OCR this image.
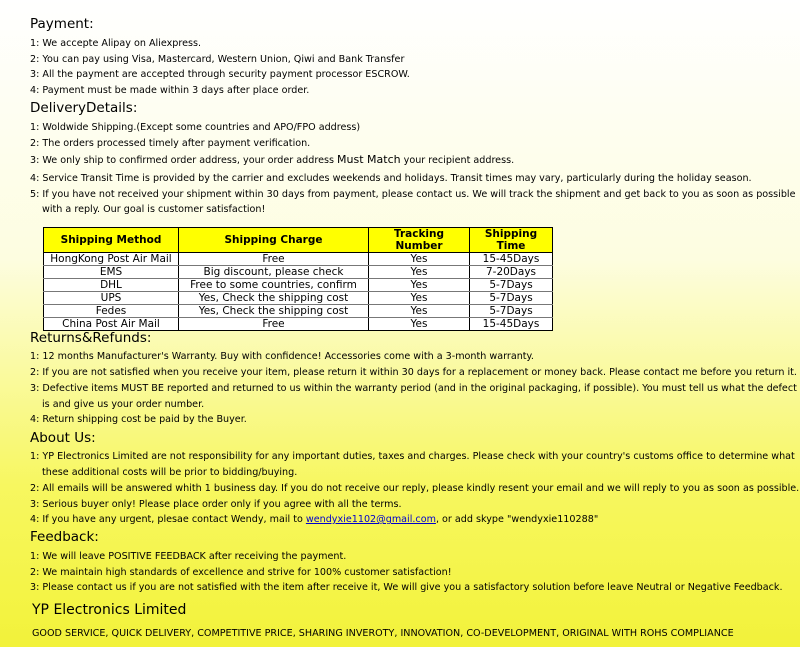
Payment:
1: We accepte Alipay on Aliexpress.
2: You can pay using Visa, Mastercard, Western Union, Qiwi and Bank Transfer
3: All the payment are accepted through security payment processor ESCROW.
4: Payment must be made within 3 days after place order.
DeliveryDetails:
1: Woldwide Shipping.(Except some countries and APO/FPO address)
2: The orders processed timely after payment verification.
3: We only ship to confirmed order address, your order address Must Match your recipient address.
4: Service Transit Time is provided by the carrier and excludes weekends and holidays. Transit times may vary, particularly during the holiday season.
5: If you have not received your shipment within 30 days from payment, please contact us. We will track the shipment and get back to you as soon as possible
with a reply. Our goal is customer satisfaction!
Shipping Method	Shipping Charge	Tracking Number	Shipping Time
HongKong Post Air Mail	Free	Yes	15-45Days
EMS	Big discount, please check	Yes	7-20Days
DHL	Free to some countries, confirm	Yes	5-7Days
UPS	Yes, Check the shipping cost	Yes	5-7Days
Fedes	Yes, Check the shipping cost	Yes	5-7Days
China Post Air Mail	Free	Yes	15-45Days
Returns&Refunds:
1: 12 months Manufacturer's Warranty. Buy with confidence! Accessories come with a 3-month warranty.
2: If you are not satisfied when you receive your item, please return it within 30 days for a replacement or money back. Please contact me before you return it.
3: Defective items MUST BE reported and returned to us within the warranty period (and in the original packaging, if possible). You must tell us what the defect
is and give us your order number.
4: Return shipping cost be paid by the Buyer.
About Us:
1: YP Electronics Limited are not responsibility for any important duties, taxes and charges. Please check with your country's customs office to determine what
these additional costs will be prior to bidding/buying.
2: All emails will be answered whith 1 business day. If you do not receive our reply, please kindly resent your email and we will reply to you as soon as possible.
3: Serious buyer only! Please place order only if you agree with all the terms.
4: If you have any urgent, plesae contact Wendy, mail to wendyxie1102@gmail.com, or add skype "wendyxie110288"
Feedback:
1: We will leave POSITIVE FEEDBACK after receiving the payment.
2: We maintain high standards of excellence and strive for 100% customer satisfaction!
3: Please contact us if you are not satisfied with the item after receive it, We will give you a satisfactory solution before leave Neutral or Negative Feedback.
YP Electronics Limited
GOOD SERVICE, QUICK DELIVERY, COMPETITIVE PRICE, SHARING INVEROTY, INNOVATION, CO-DEVELOPMENT, ORIGINAL WITH ROHS COMPLIANCE
